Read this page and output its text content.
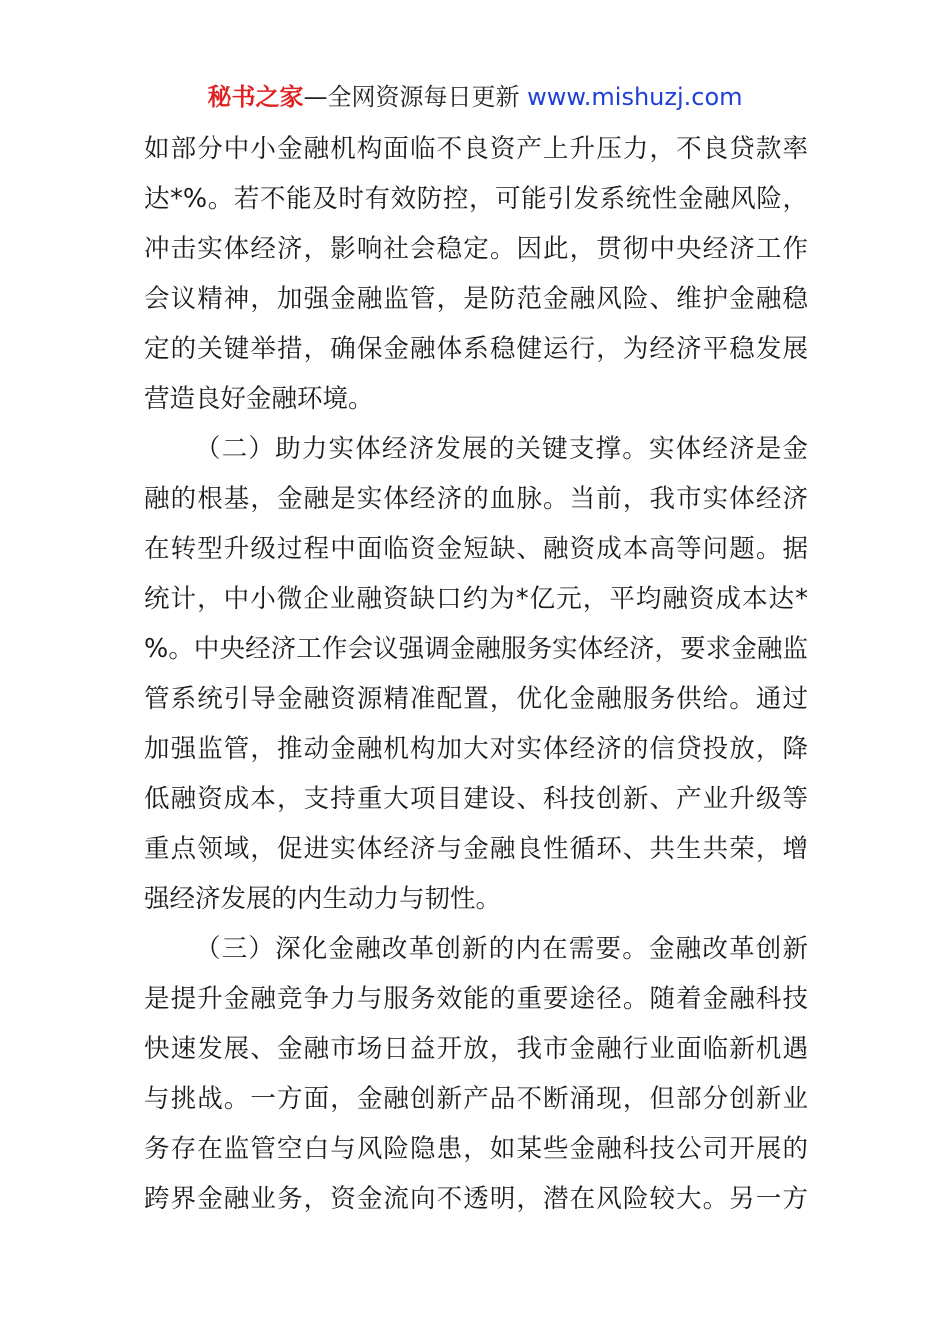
秘书之家—全网资源每日更新 www.mishuzj.com
如部分中小金融机构面临不良资产上升压力，不良贷款率
达*%。若不能及时有效防控，可能引发系统性金融风险，
冲击实体经济，影响社会稳定。因此，贯彻中央经济工作
会议精神，加强金融监管，是防范金融风险、维护金融稳
定的关键举措，确保金融体系稳健运行，为经济平稳发展
营造良好金融环境。
（二）助力实体经济发展的关键支撑。实体经济是金
融的根基，金融是实体经济的血脉。当前，我市实体经济
在转型升级过程中面临资金短缺、融资成本高等问题。据
统计，中小微企业融资缺口约为*亿元，平均融资成本达*
%。中央经济工作会议强调金融服务实体经济，要求金融监
管系统引导金融资源精准配置，优化金融服务供给。通过
加强监管，推动金融机构加大对实体经济的信贷投放，降
低融资成本，支持重大项目建设、科技创新、产业升级等
重点领域，促进实体经济与金融良性循环、共生共荣，增
强经济发展的内生动力与韧性。
（三）深化金融改革创新的内在需要。金融改革创新
是提升金融竞争力与服务效能的重要途径。随着金融科技
快速发展、金融市场日益开放，我市金融行业面临新机遇
与挑战。一方面，金融创新产品不断涌现，但部分创新业
务存在监管空白与风险隐患，如某些金融科技公司开展的
跨界金融业务，资金流向不透明，潜在风险较大。另一方
